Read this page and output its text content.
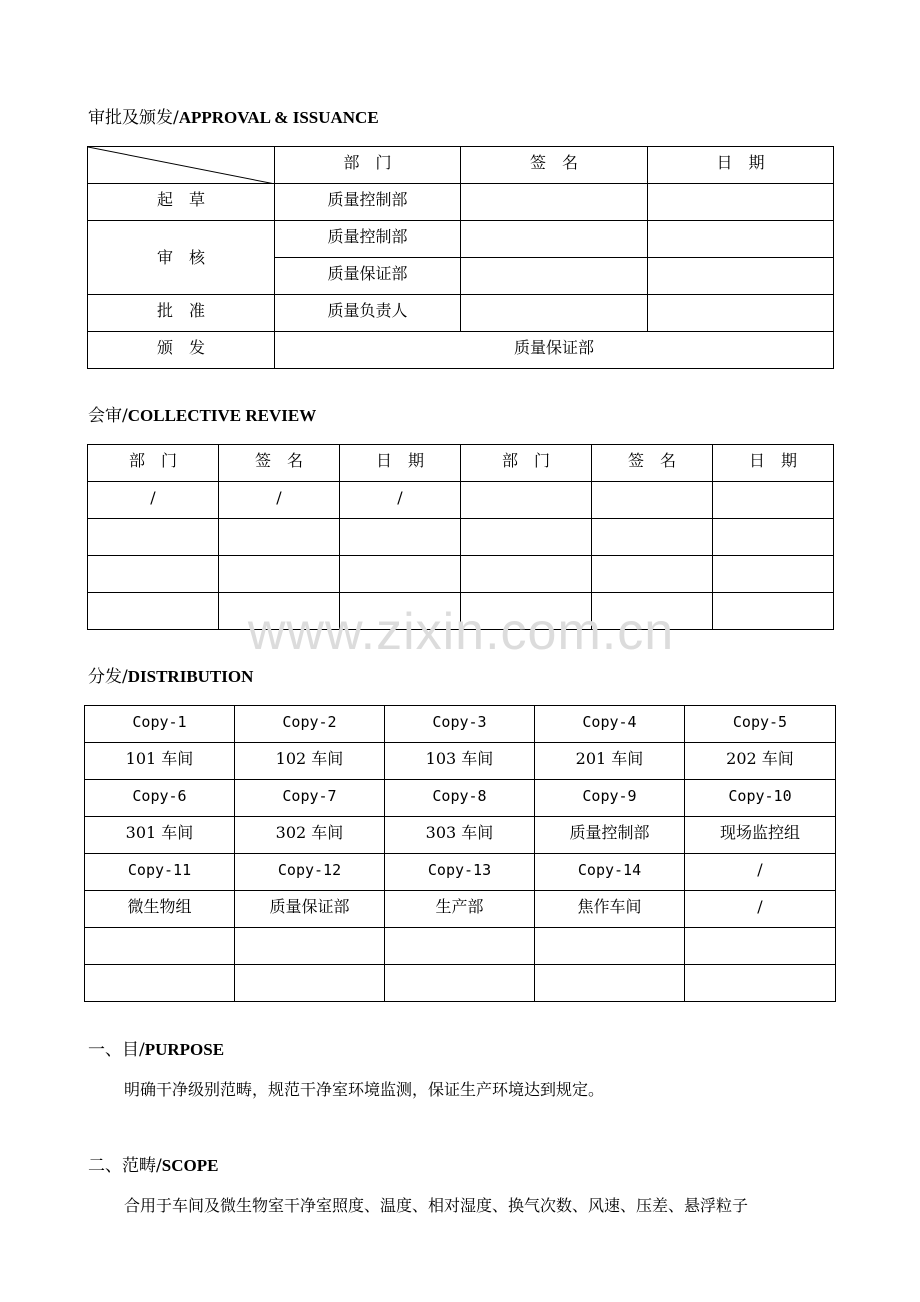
审批及颁发/APPROVAL & ISSUANCE
	部　门	签　名	日　期
起　草	质量控制部		
审　核	质量控制部		
	质量保证部		
批　准	质量负责人		
颁　发	质量保证部		
会审/COLLECTIVE REVIEW
部　门	签　名	日　期	部　门	签　名	日　期
/	/	/			

www.zixin.com.cn
分发/DISTRIBUTION
Copy-1	Copy-2	Copy-3	Copy-4	Copy-5
101 车间	102 车间	103 车间	201 车间	202 车间
Copy-6	Copy-7	Copy-8	Copy-9	Copy-10
301 车间	302 车间	303 车间	质量控制部	现场监控组
Copy-11	Copy-12	Copy-13	Copy-14	/
微生物组	质量保证部	生产部	焦作车间	/

一、目/PURPOSE
明确干净级别范畴，规范干净室环境监测，保证生产环境达到规定。
二、范畴/SCOPE
合用于车间及微生物室干净室照度、温度、相对湿度、换气次数、风速、压差、悬浮粒子
